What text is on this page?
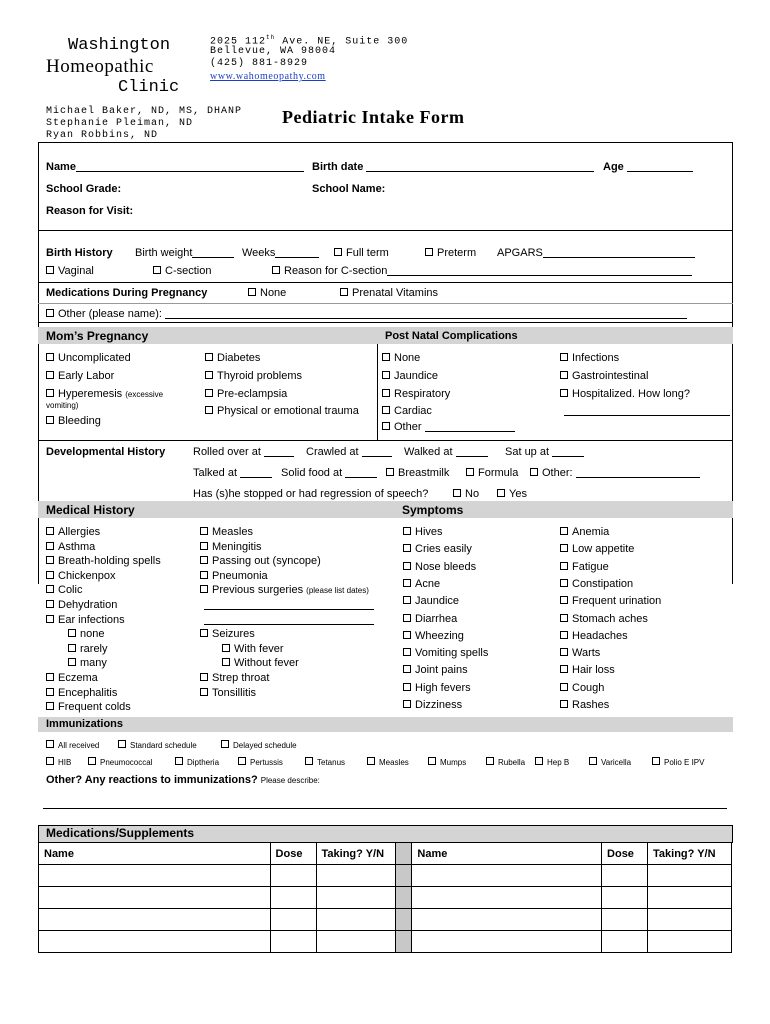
Washington
Homeopathic
Clinic
2025 112th Ave. NE, Suite 300
Bellevue, WA 98004
(425) 881-8929
www.wahomeopathy.com
Michael Baker, ND, MS, DHANP
Stephanie Pleiman, ND
Ryan Robbins, ND
Pediatric Intake Form
Name	Birth date	Age
School Grade:	School Name:
Reason for Visit:
Birth History Birth weight	Weeks	Full term	Preterm APGARS
Vaginal	C-section	Reason for C-section
Medications During Pregnancy	None	Prenatal Vitamins
Other (please name):
Mom’s Pregnancy	Post Natal Complications
Uncomplicated
Early Labor
Hyperemesis (excessive
vomiting)
Bleeding
Diabetes
Thyroid problems
Pre-eclampsia
Physical or emotional trauma
None
Jaundice
Respiratory
Cardiac
Other
Infections
Gastrointestinal
Hospitalized. How long?
Developmental History	Rolled over at	Crawled at	Walked at	Sat up at
Talked at	Solid food at	Breastmilk	Formula	Other:
Has (s)he stopped or had regression of speech?	No	Yes
Medical History	Symptoms
Allergies
Asthma
Breath-holding spells
Chickenpox
Colic
Dehydration
Ear infections
none
rarely
many
Eczema
Encephalitis
Frequent colds
Measles
Meningitis
Passing out (syncope)
Pneumonia
Previous surgeries (please list dates)
Seizures
With fever
Without fever
Strep throat
Tonsillitis
Hives
Cries easily
Nose bleeds
Acne
Jaundice
Diarrhea
Wheezing
Vomiting spells
Joint pains
High fevers
Dizziness
Anemia
Low appetite
Fatigue
Constipation
Frequent urination
Stomach aches
Headaches
Warts
Hair loss
Cough
Rashes
Immunizations
All received	Standard schedule	Delayed schedule
HIB	Pneumococcal	Diptheria	Pertussis	Tetanus	Measles	Mumps	Rubella	Hep B	Varicella	Polio E IPV
Other? Any reactions to immunizations? Please describe:
Medications/Supplements
Name	Dose	Taking? Y/N		Name	Dose	Taking? Y/N
